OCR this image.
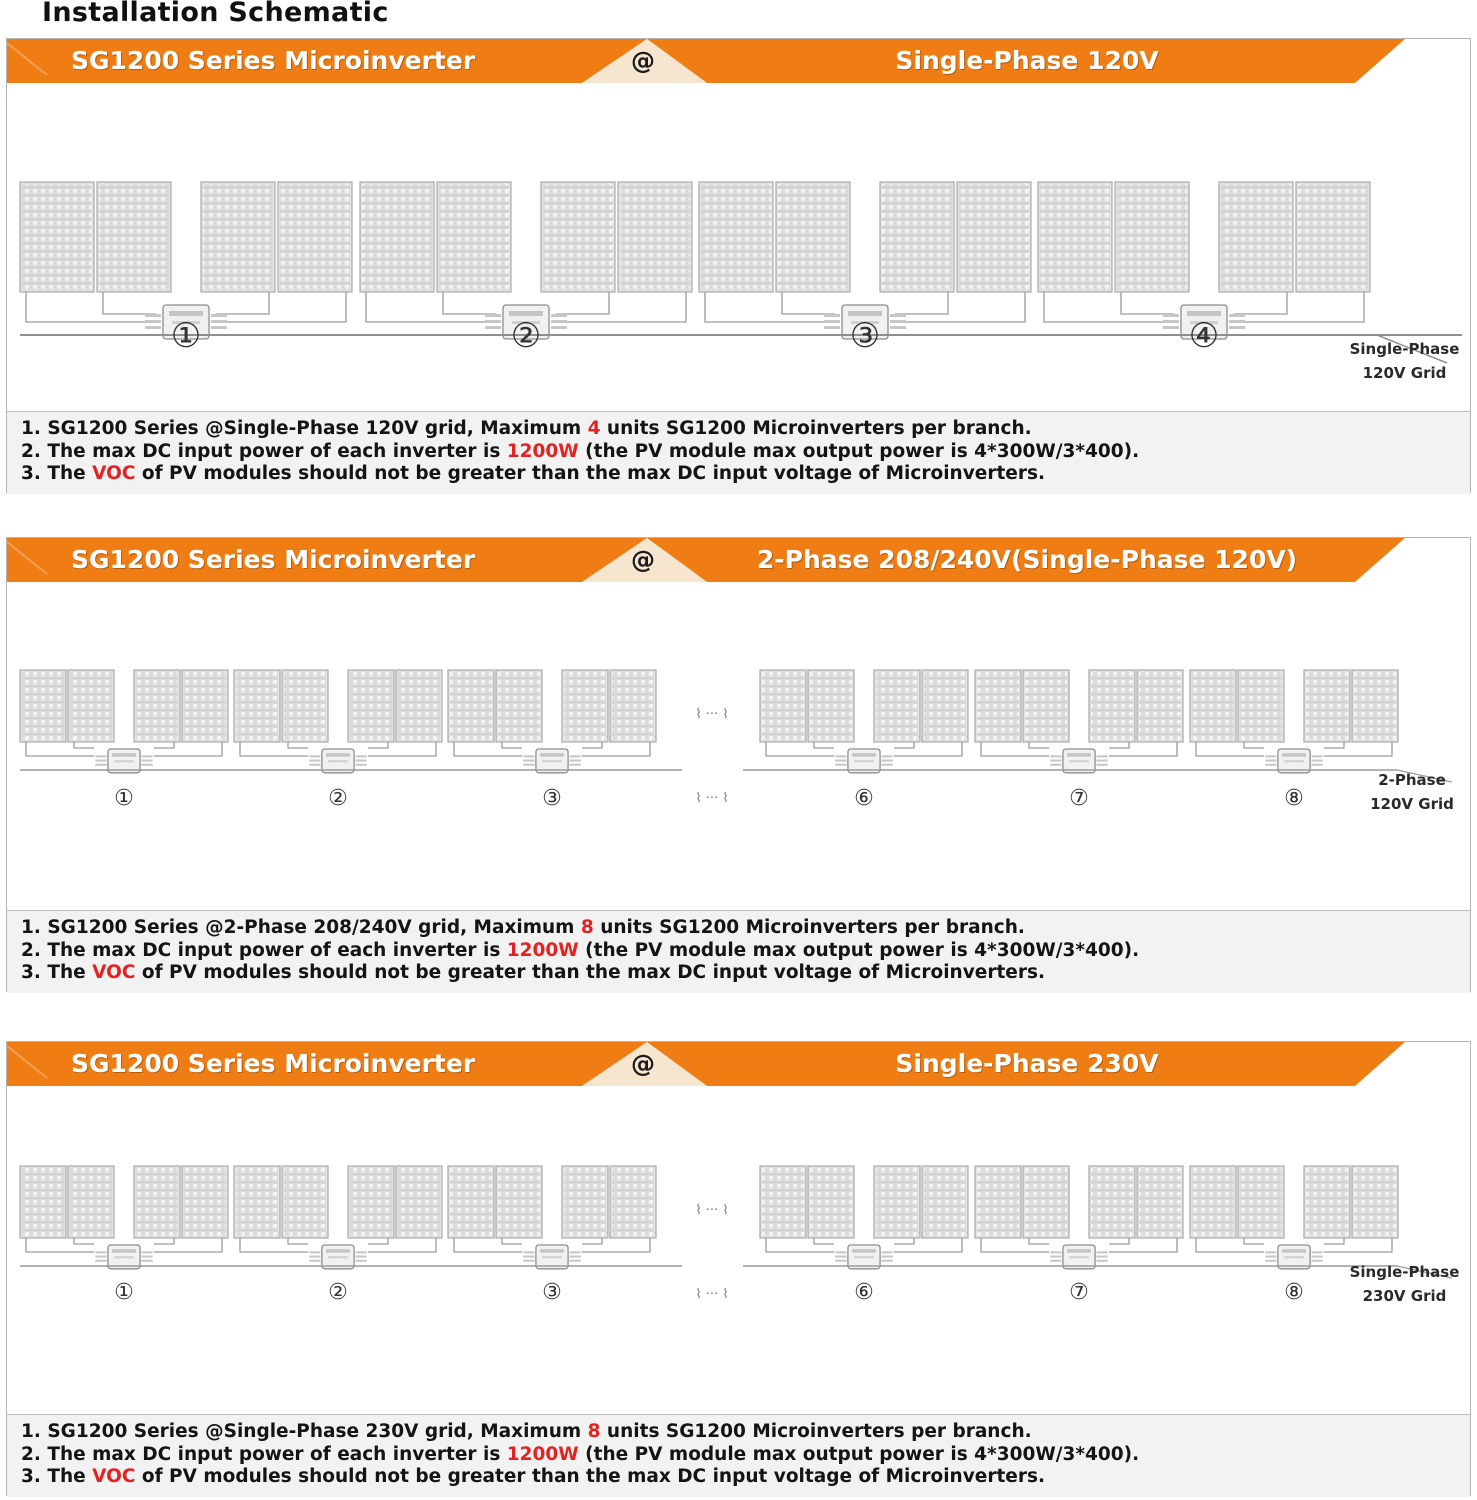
Installation Schematic
SG1200 Series Microinverter	@	Single-Phase 120V
Single-Phase
120V Grid
①	②	③	④
1. SG1200 Series @Single-Phase 120V grid, Maximum 4 units SG1200 Microinverters per branch.
2. The max DC input power of each inverter is 1200W (the PV module max output power is 4*300W/3*400).
3. The VOC of PV modules should not be greater than the max DC input voltage of Microinverters.
SG1200 Series Microinverter	@	2-Phase 208/240V(Single-Phase 120V)
2-Phase
120V Grid
①	②	③	⑥	⑦	⑧
⌇ ··· ⌇
⌇ ··· ⌇
1. SG1200 Series @2-Phase 208/240V grid, Maximum 8 units SG1200 Microinverters per branch.
2. The max DC input power of each inverter is 1200W (the PV module max output power is 4*300W/3*400).
3. The VOC of PV modules should not be greater than the max DC input voltage of Microinverters.
SG1200 Series Microinverter	@	Single-Phase 230V
Single-Phase
230V Grid
①	②	③	⑥	⑦	⑧
⌇ ··· ⌇
⌇ ··· ⌇
1. SG1200 Series @Single-Phase 230V grid, Maximum 8 units SG1200 Microinverters per branch.
2. The max DC input power of each inverter is 1200W (the PV module max output power is 4*300W/3*400).
3. The VOC of PV modules should not be greater than the max DC input voltage of Microinverters.
